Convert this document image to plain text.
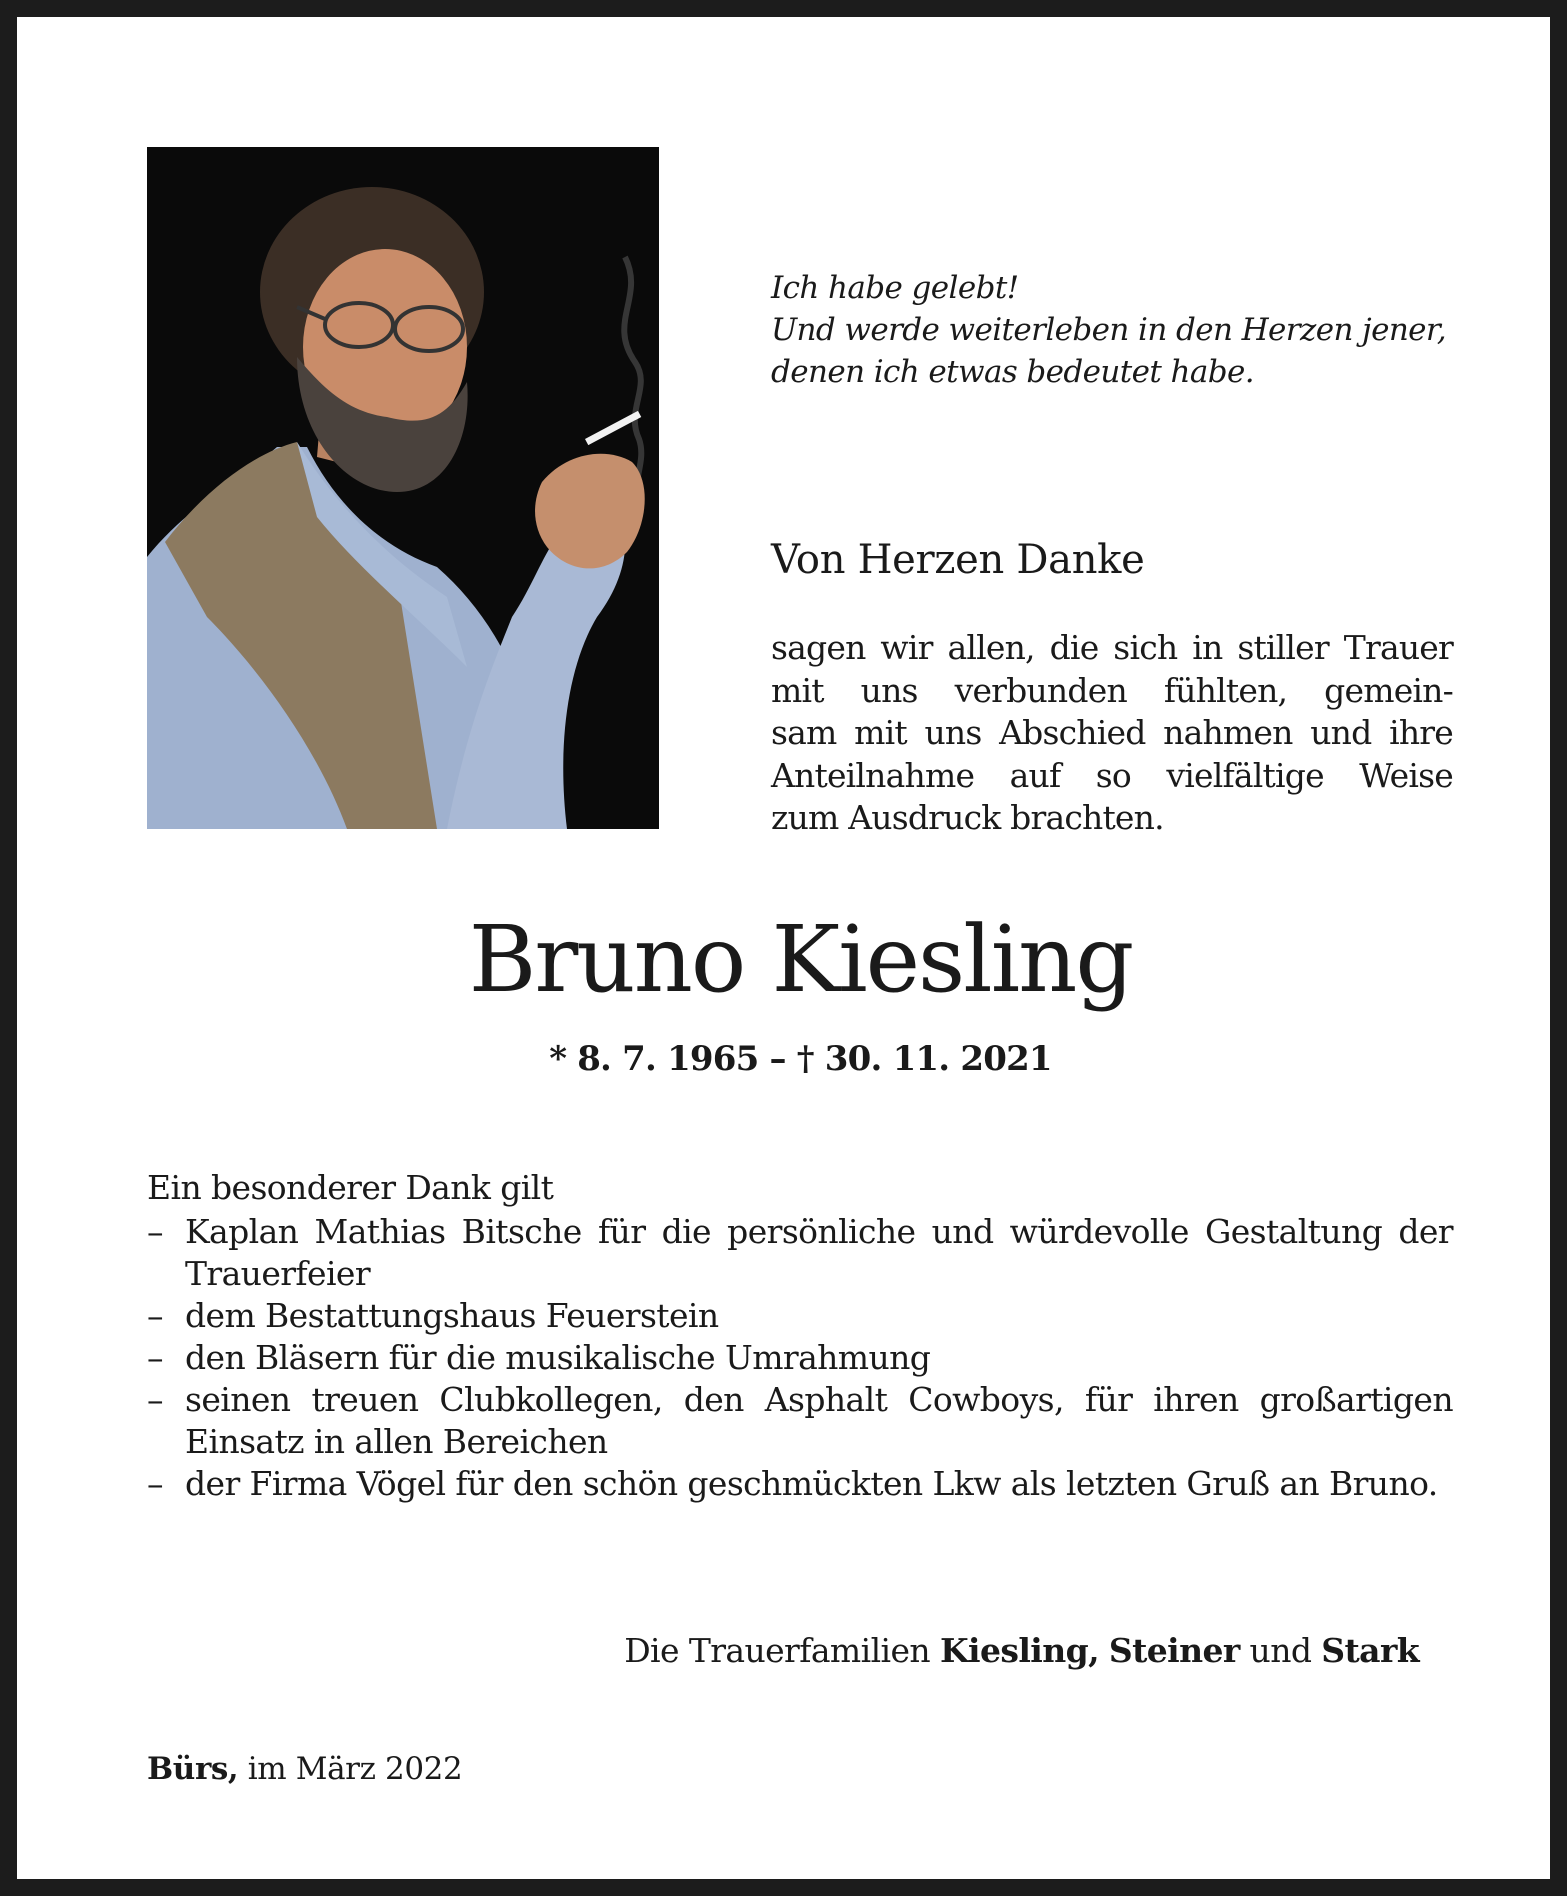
Ich habe gelebt!
Und werde weiterleben in den Herzen jener,
denen ich etwas bedeutet habe.
Von Herzen Danke
sagen wir allen, die sich in stiller Trauer
mit uns verbunden fühlten, gemein-
sam mit uns Abschied nahmen und ihre
Anteilnahme auf so vielfältige Weise
zum Ausdruck brachten.
Bruno Kiesling
* 8. 7. 1965 – † 30. 11. 2021
Ein besonderer Dank gilt
– Kaplan Mathias Bitsche für die persönliche und würdevolle Gestaltung der Trauerfeier
– dem Bestattungshaus Feuerstein
– den Bläsern für die musikalische Umrahmung
– seinen treuen Clubkollegen, den Asphalt Cowboys, für ihren großartigen Einsatz in allen Bereichen
– der Firma Vögel für den schön geschmückten Lkw als letzten Gruß an Bruno.
Die Trauerfamilien Kiesling, Steiner und Stark
Bürs, im März 2022
